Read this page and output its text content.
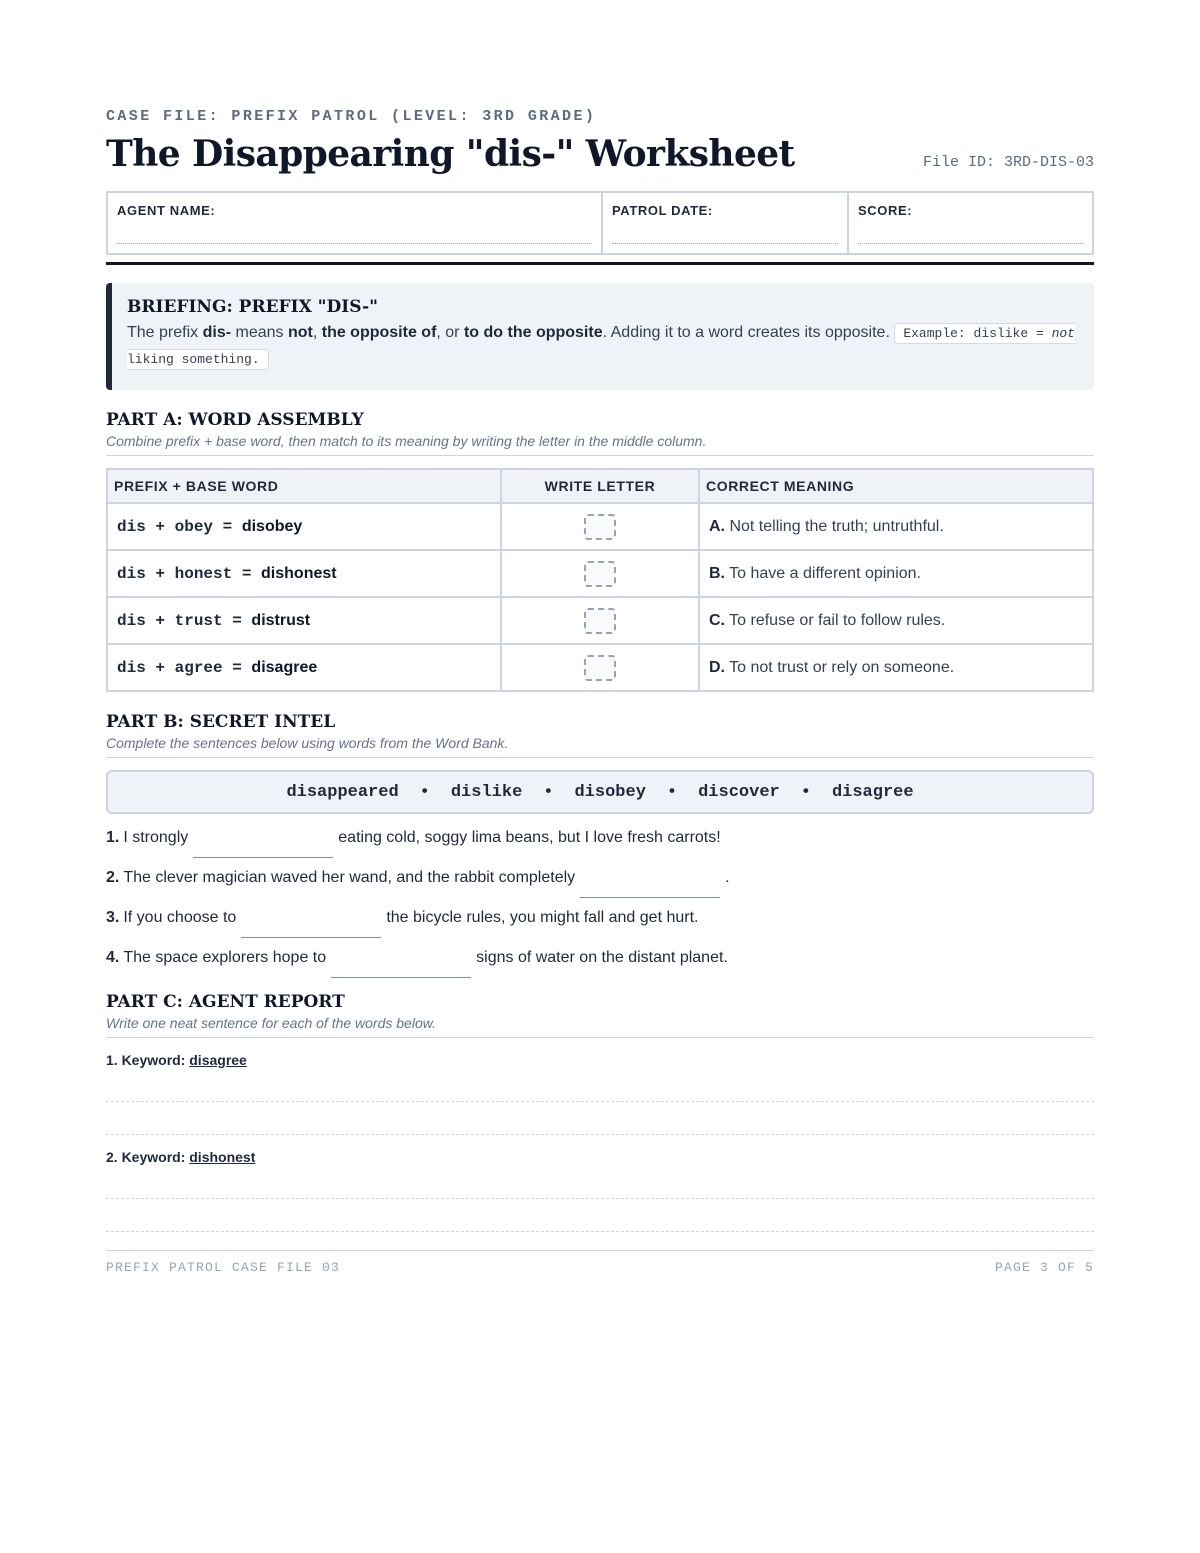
CASE FILE: PREFIX PATROL (LEVEL: 3RD GRADE)
The Disappearing "dis-" Worksheet	File ID: 3RD-DIS-03
AGENT NAME:	PATROL DATE:	SCORE:
BRIEFING: PREFIX "DIS-"
The prefix dis- means not, the opposite of, or to do the opposite. Adding it to a word creates its opposite. Example: dislike = not
liking something.
PART A: WORD ASSEMBLY
Combine prefix + base word, then match to its meaning by writing the letter in the middle column.
PREFIX + BASE WORD	WRITE LETTER	CORRECT MEANING
dis + obey = disobey		A. Not telling the truth; untruthful.
dis + honest = dishonest		B. To have a different opinion.
dis + trust = distrust		C. To refuse or fail to follow rules.
dis + agree = disagree		D. To not trust or rely on someone.
PART B: SECRET INTEL
Complete the sentences below using words from the Word Bank.
disappeared • dislike • disobey • discover • disagree
1. I strongly	eating cold, soggy lima beans, but I love fresh carrots!
2. The clever magician waved her wand, and the rabbit completely	.
3. If you choose to	the bicycle rules, you might fall and get hurt.
4. The space explorers hope to	signs of water on the distant planet.
PART C: AGENT REPORT
Write one neat sentence for each of the words below.
1. Keyword: disagree
2. Keyword: dishonest
PREFIX PATROL CASE FILE 03	PAGE 3 OF 5
